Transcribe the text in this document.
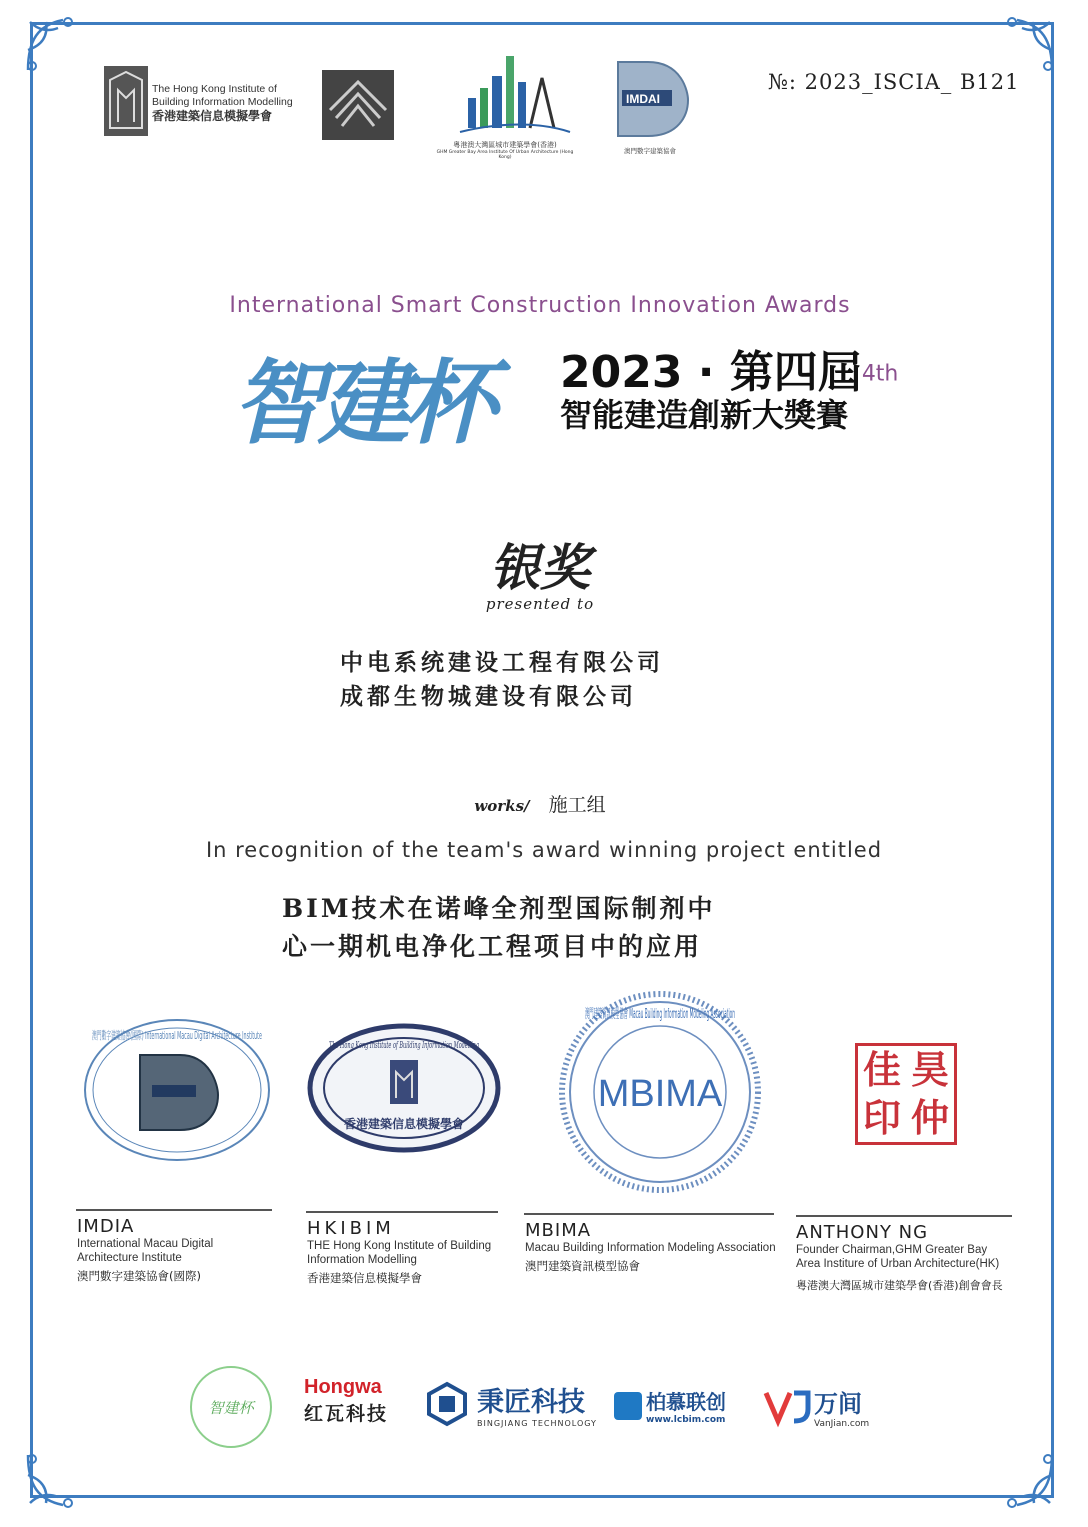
The Hong Kong Institute of
Building Information Modelling
香港建築信息模擬學會
粵港澳大灣區城市建築學會(香港)
GHM Greater Bay Area Institute Of Urban Architecture (Hong Kong)
IMDAI
澳門數字建築協會
№: 2023_ISCIA_ B121
International Smart Construction Innovation Awards
智建杯 2023 · 第四屆$^{4th}$
智能建造創新大獎賽
银奖
presented to
中电系统建设工程有限公司
成都生物城建设有限公司
works/ 施工组
In recognition of the team's award winning project entitled
BIM技术在诺峰全剂型国际制剂中
心一期机电净化工程项目中的应用
澳門數字建築協會(國際) International Macau Digital Architecture Institute
The Hong Kong Institute of Building Information Modelling
香港建築信息模擬學會
MBIMA
澳門建築資訊模型協會 Macau Building Information Modeling Association
佳 昊
印 仲
IMDIA
International Macau Digital Architecture Institute
澳門數字建築協會(國際)
HKIBIM
THE Hong Kong Institute of Building Information Modelling
香港建築信息模擬學會
MBIMA
Macau Building Information Modeling Association
澳門建築資訊模型協會
ANTHONY NG
Founder Chairman,GHM Greater Bay Area Institure of Urban Architecture(HK)
粵港澳大灣區城市建築學會(香港)創會會長
智建杯
Hongwa
红瓦科技	秉匠科技
BINGJIANG TECHNOLOGY
柏慕联创
www.lcbim.com
万间
VanJian.com
